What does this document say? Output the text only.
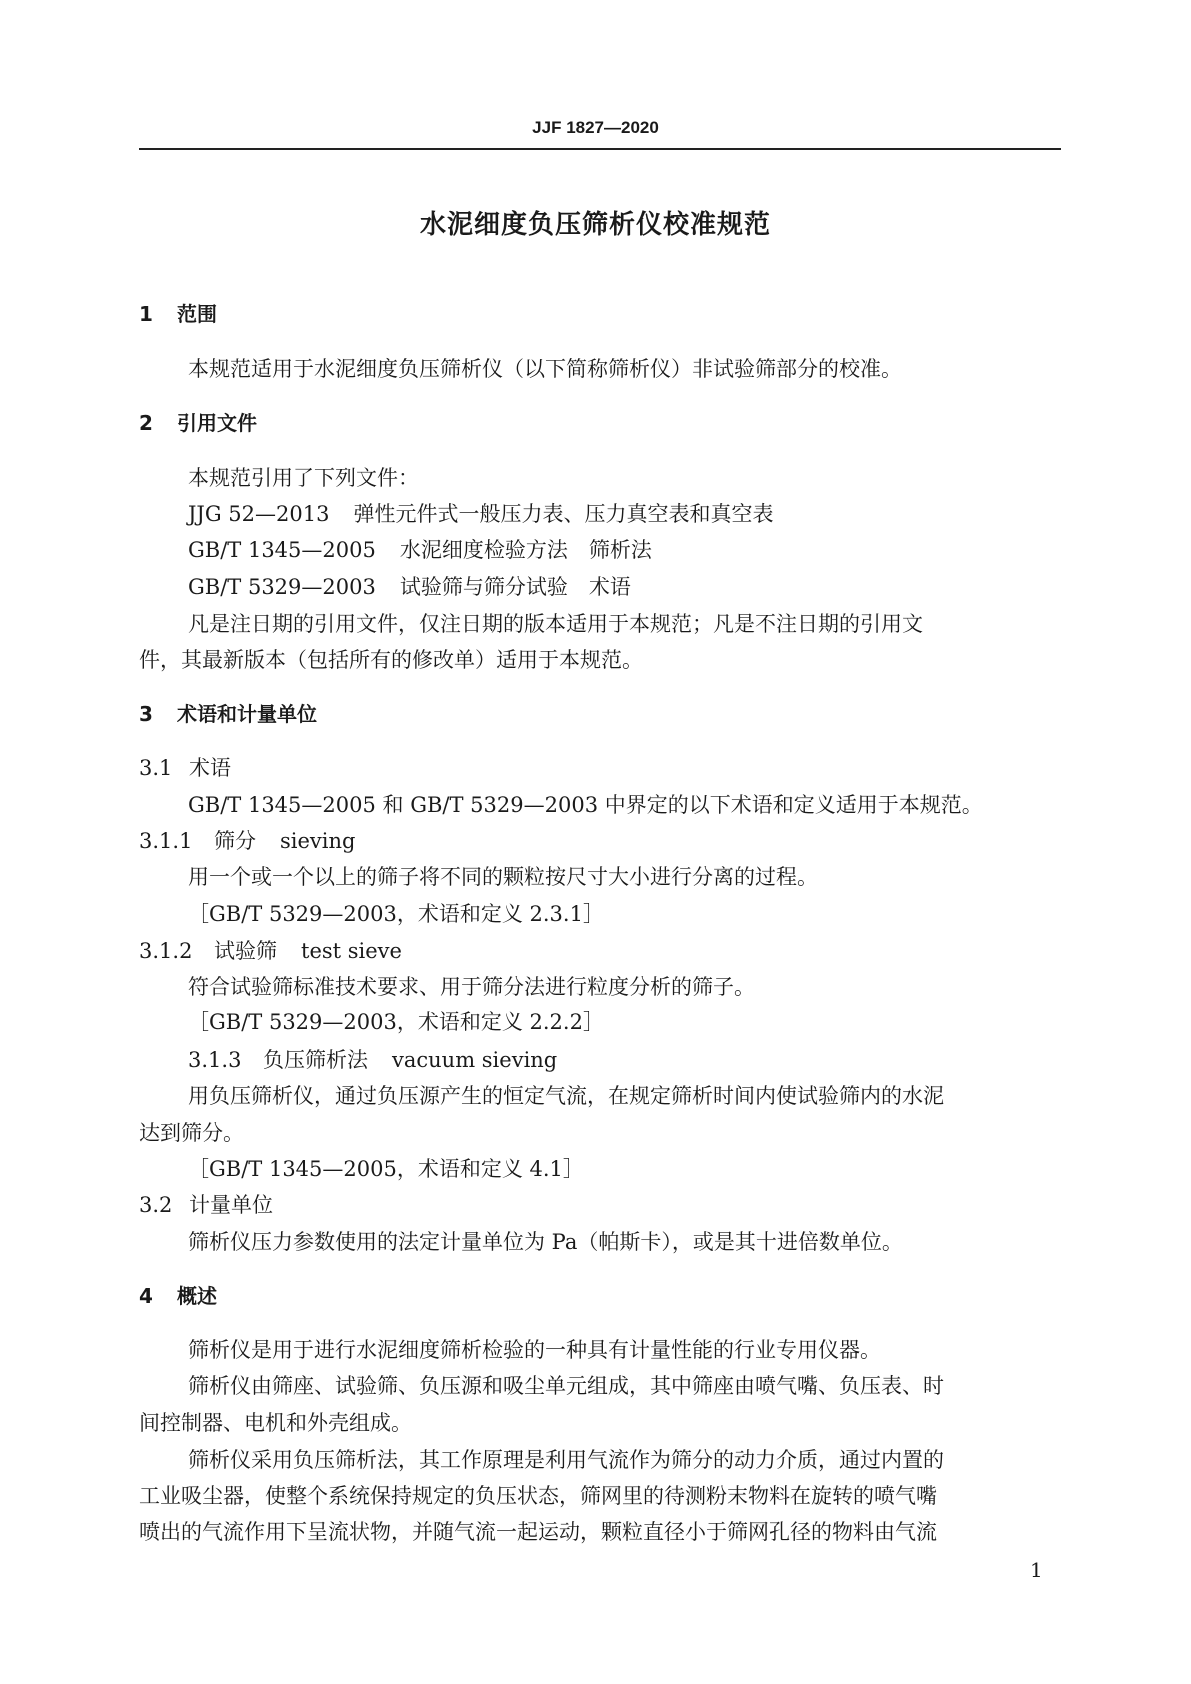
JJF 1827—2020
水泥细度负压筛析仪校准规范
1 范围
本规范适用于水泥细度负压筛析仪（以下简称筛析仪）非试验筛部分的校准。
2 引用文件
本规范引用了下列文件：
JJG 52—2013 弹性元件式一般压力表、压力真空表和真空表
GB/T 1345—2005 水泥细度检验方法　筛析法
GB/T 5329—2003 试验筛与筛分试验　术语
凡是注日期的引用文件，仅注日期的版本适用于本规范；凡是不注日期的引用文
件，其最新版本（包括所有的修改单）适用于本规范。
3 术语和计量单位
3.1 术语
GB/T 1345—2005 和 GB/T 5329—2003 中界定的以下术语和定义适用于本规范。
3.1.1 筛分 sieving
用一个或一个以上的筛子将不同的颗粒按尺寸大小进行分离的过程。
［GB/T 5329—2003，术语和定义 2.3.1］
3.1.2 试验筛 test sieve
符合试验筛标准技术要求、用于筛分法进行粒度分析的筛子。
［GB/T 5329—2003，术语和定义 2.2.2］
3.1.3 负压筛析法 vacuum sieving
用负压筛析仪，通过负压源产生的恒定气流，在规定筛析时间内使试验筛内的水泥
达到筛分。
［GB/T 1345—2005，术语和定义 4.1］
3.2 计量单位
筛析仪压力参数使用的法定计量单位为 Pa（帕斯卡），或是其十进倍数单位。
4 概述
筛析仪是用于进行水泥细度筛析检验的一种具有计量性能的行业专用仪器。
筛析仪由筛座、试验筛、负压源和吸尘单元组成，其中筛座由喷气嘴、负压表、时
间控制器、电机和外壳组成。
筛析仪采用负压筛析法，其工作原理是利用气流作为筛分的动力介质，通过内置的
工业吸尘器，使整个系统保持规定的负压状态，筛网里的待测粉末物料在旋转的喷气嘴
喷出的气流作用下呈流状物，并随气流一起运动，颗粒直径小于筛网孔径的物料由气流
1
